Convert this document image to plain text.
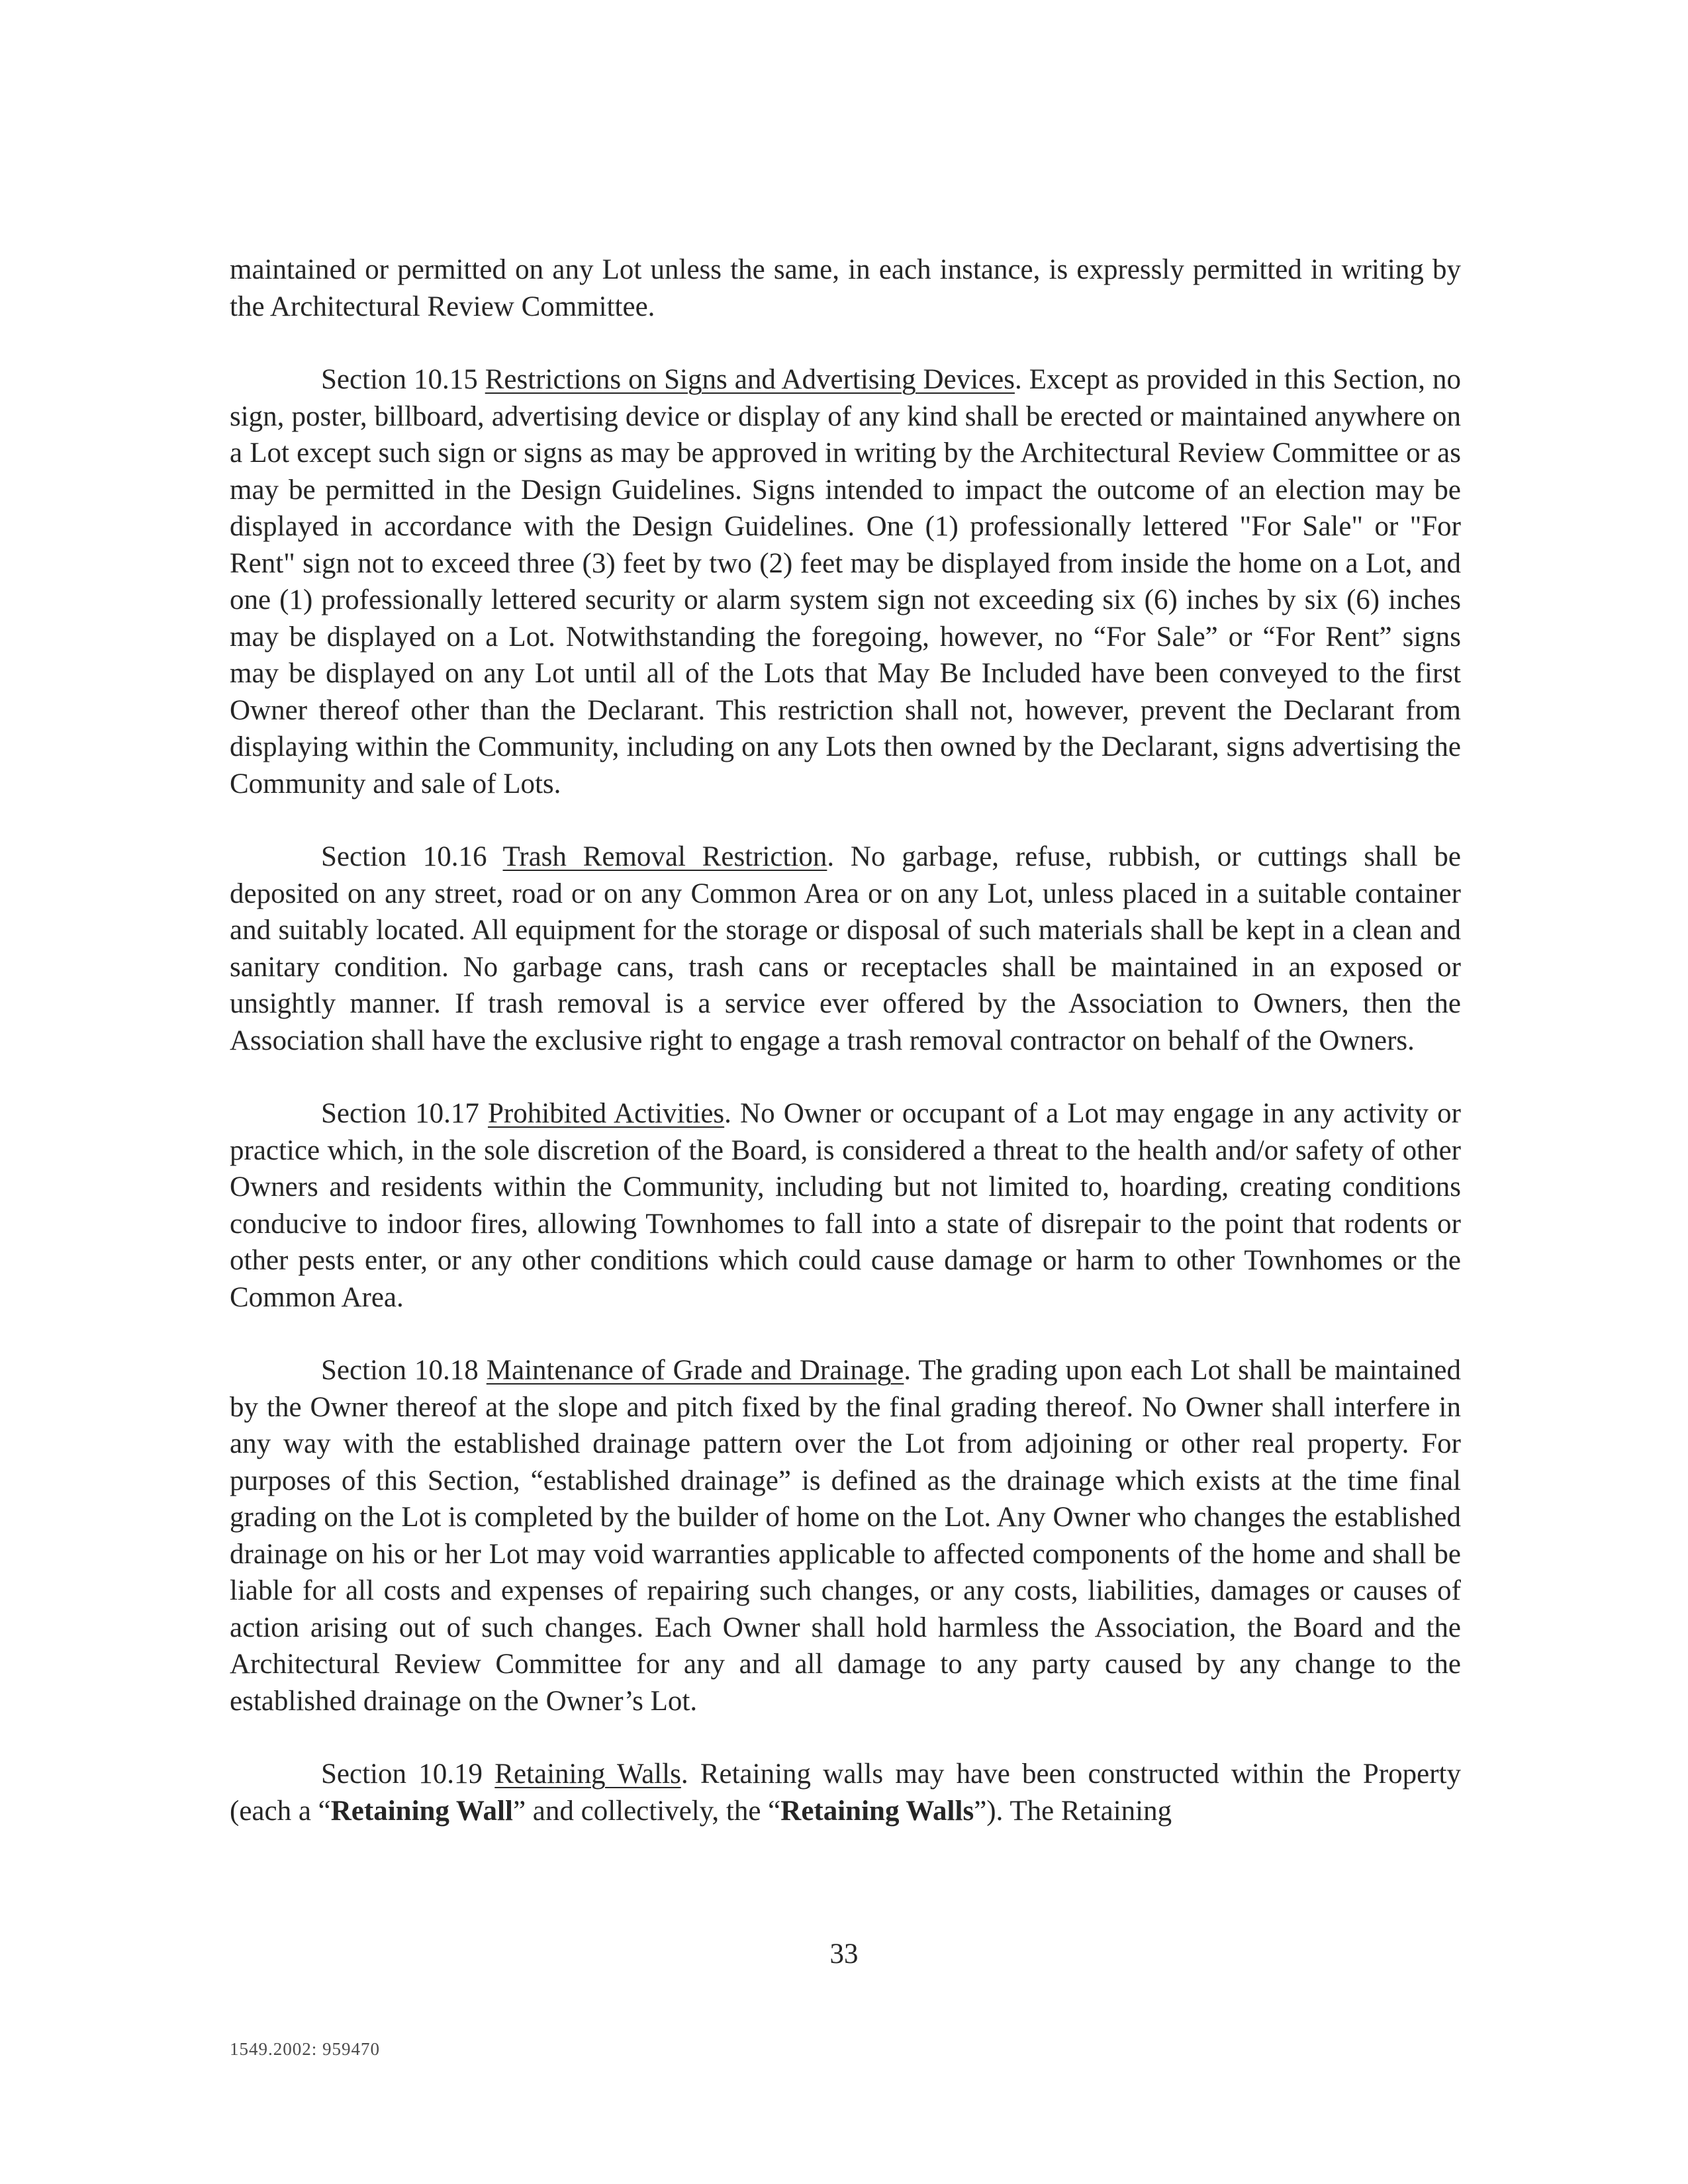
maintained or permitted on any Lot unless the same, in each instance, is expressly permitted in writing by the Architectural Review Committee.

Section 10.15 Restrictions on Signs and Advertising Devices. Except as provided in this Section, no sign, poster, billboard, advertising device or display of any kind shall be erected or maintained anywhere on a Lot except such sign or signs as may be approved in writing by the Architectural Review Committee or as may be permitted in the Design Guidelines. Signs intended to impact the outcome of an election may be displayed in accordance with the Design Guidelines. One (1) professionally lettered "For Sale" or "For Rent" sign not to exceed three (3) feet by two (2) feet may be displayed from inside the home on a Lot, and one (1) professionally lettered security or alarm system sign not exceeding six (6) inches by six (6) inches may be displayed on a Lot. Notwithstanding the foregoing, however, no “For Sale” or “For Rent” signs may be displayed on any Lot until all of the Lots that May Be Included have been conveyed to the first Owner thereof other than the Declarant. This restriction shall not, however, prevent the Declarant from displaying within the Community, including on any Lots then owned by the Declarant, signs advertising the Community and sale of Lots.

Section 10.16 Trash Removal Restriction. No garbage, refuse, rubbish, or cuttings shall be deposited on any street, road or on any Common Area or on any Lot, unless placed in a suitable container and suitably located. All equipment for the storage or disposal of such materials shall be kept in a clean and sanitary condition. No garbage cans, trash cans or receptacles shall be maintained in an exposed or unsightly manner. If trash removal is a service ever offered by the Association to Owners, then the Association shall have the exclusive right to engage a trash removal contractor on behalf of the Owners.

Section 10.17 Prohibited Activities. No Owner or occupant of a Lot may engage in any activity or practice which, in the sole discretion of the Board, is considered a threat to the health and/or safety of other Owners and residents within the Community, including but not limited to, hoarding, creating conditions conducive to indoor fires, allowing Townhomes to fall into a state of disrepair to the point that rodents or other pests enter, or any other conditions which could cause damage or harm to other Townhomes or the Common Area.

Section 10.18 Maintenance of Grade and Drainage. The grading upon each Lot shall be maintained by the Owner thereof at the slope and pitch fixed by the final grading thereof. No Owner shall interfere in any way with the established drainage pattern over the Lot from adjoining or other real property. For purposes of this Section, “established drainage” is defined as the drainage which exists at the time final grading on the Lot is completed by the builder of home on the Lot. Any Owner who changes the established drainage on his or her Lot may void warranties applicable to affected components of the home and shall be liable for all costs and expenses of repairing such changes, or any costs, liabilities, damages or causes of action arising out of such changes. Each Owner shall hold harmless the Association, the Board and the Architectural Review Committee for any and all damage to any party caused by any change to the established drainage on the Owner’s Lot.

Section 10.19 Retaining Walls. Retaining walls may have been constructed within the Property (each a “Retaining Wall” and collectively, the “Retaining Walls”). The Retaining

33
1549.2002: 959470
